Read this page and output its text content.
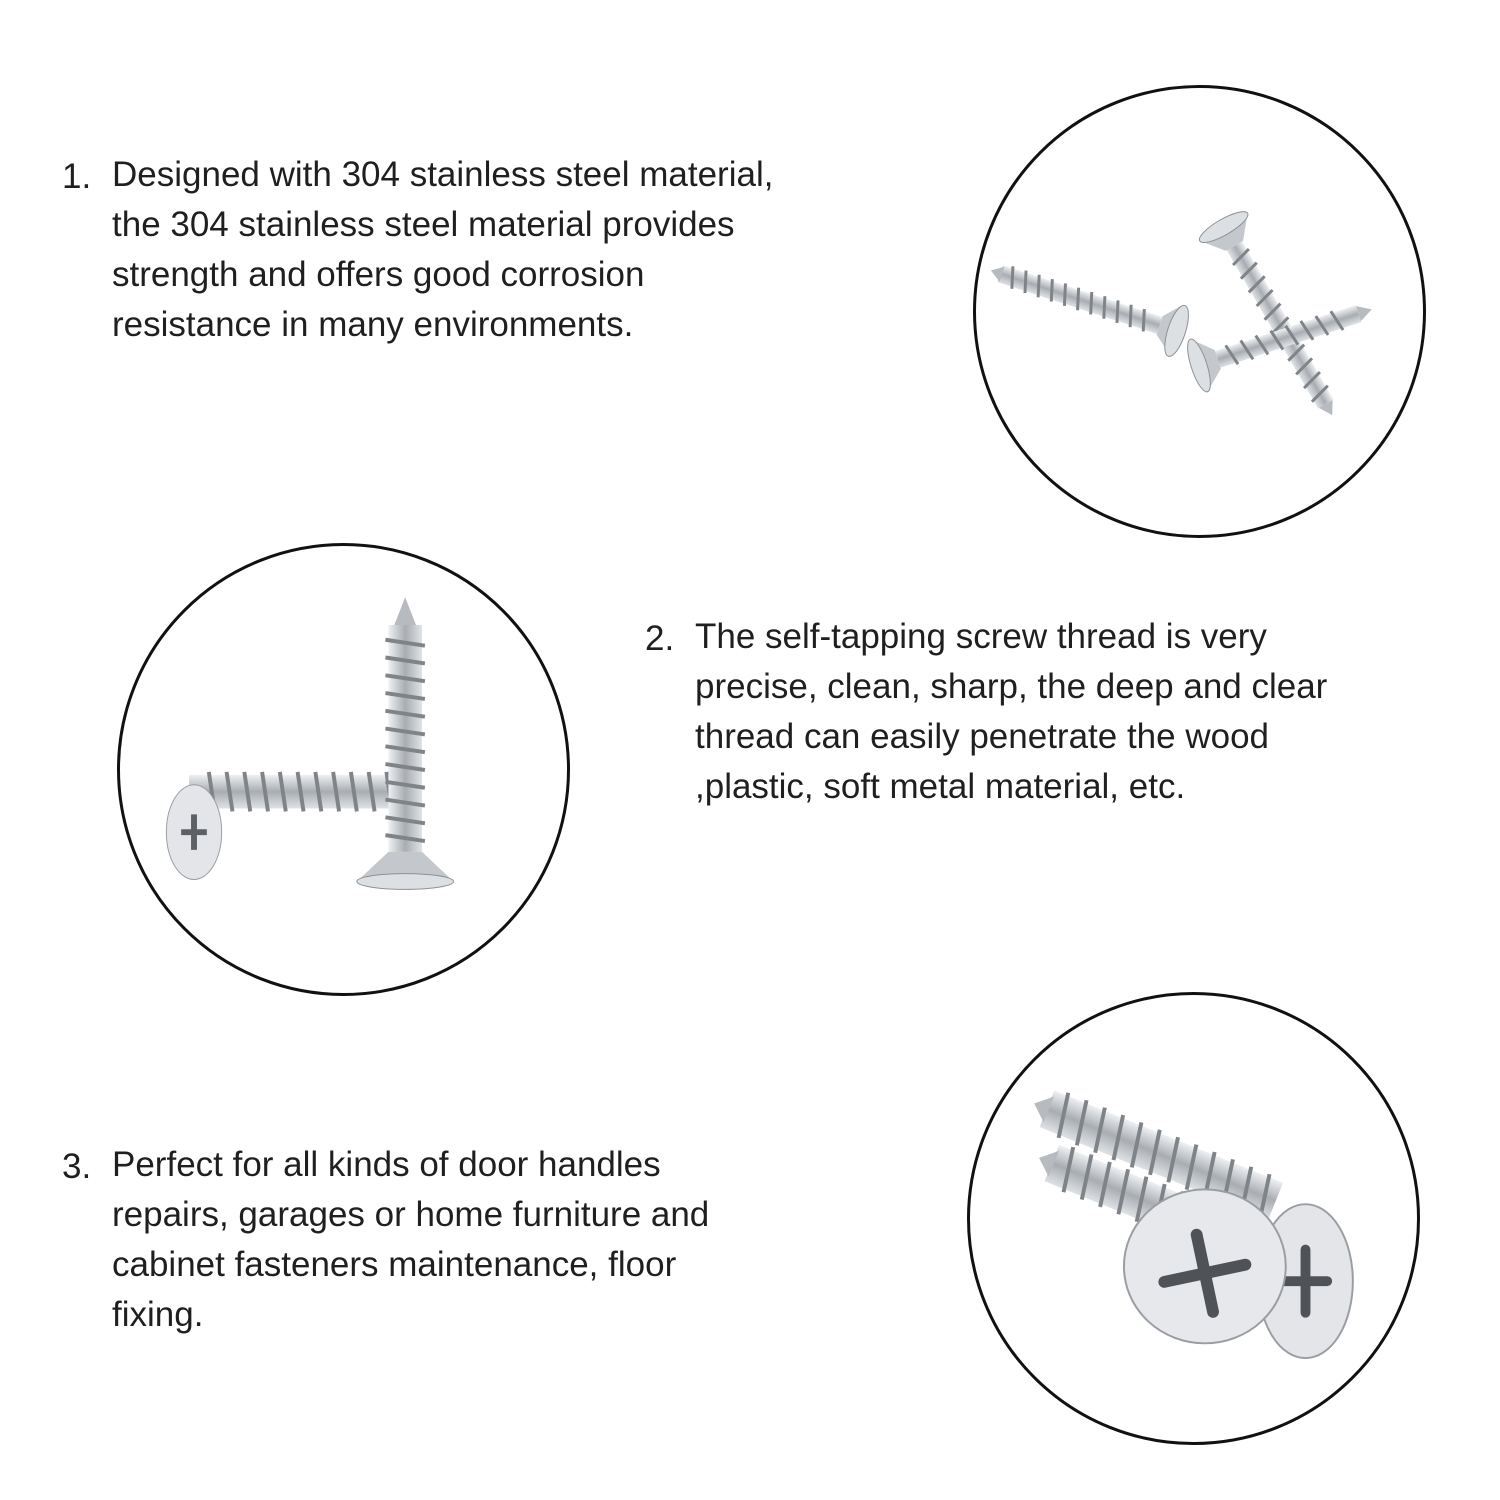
1. Designed with 304 stainless steel material,
the 304 stainless steel material provides
strength and offers good corrosion
resistance in many environments.
2. The self-tapping screw thread is very
precise, clean, sharp, the deep and clear
thread can easily penetrate the wood
,plastic, soft metal material, etc.
3. Perfect for all kinds of door handles
repairs, garages or home furniture and
cabinet fasteners maintenance, floor
fixing.
